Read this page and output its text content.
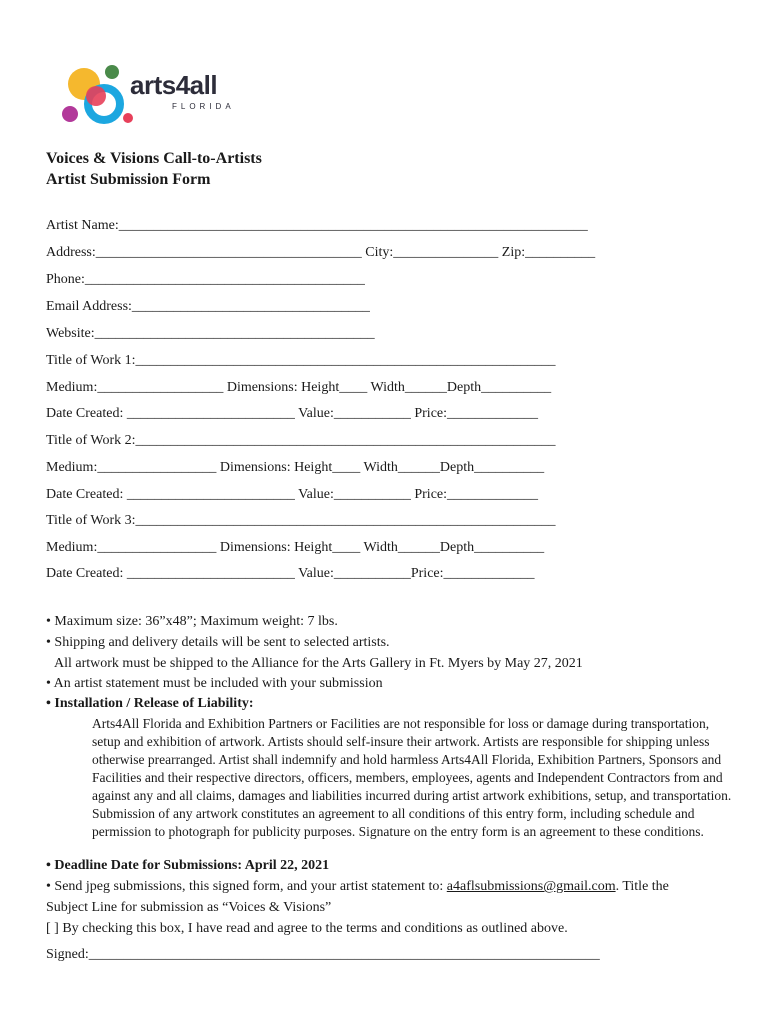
arts4all
FLORIDA

Voices & Visions Call-to-Artists

Artist Submission Form

Artist Name:___________________________________________________________________

Address:______________________________________ City:_______________ Zip:__________

Phone:________________________________________

Email Address:__________________________________

Website:________________________________________

Title of Work 1:____________________________________________________________

Medium:__________________ Dimensions: Height____ Width______Depth__________

Date Created: ________________________ Value:___________ Price:_____________

Title of Work 2:____________________________________________________________

Medium:_________________ Dimensions: Height____ Width______Depth__________

Date Created: ________________________ Value:___________ Price:_____________

Title of Work 3:____________________________________________________________

Medium:_________________ Dimensions: Height____ Width______Depth__________

Date Created: ________________________ Value:___________Price:_____________

• Maximum size: 36”x48”; Maximum weight: 7 lbs.

• Shipping and delivery details will be sent to selected artists.

All artwork must be shipped to the Alliance for the Arts Gallery in Ft. Myers by May 27, 2021

• An artist statement must be included with your submission

• Installation / Release of Liability:

Arts4All Florida and Exhibition Partners or Facilities are not responsible for loss or damage during transportation, setup and exhibition of artwork. Artists should self-insure their artwork. Artists are responsible for shipping unless otherwise prearranged. Artist shall indemnify and hold harmless Arts4All Florida, Exhibition Partners, Sponsors and Facilities and their respective directors, officers, members, employees, agents and Independent Contractors from and against any and all claims, damages and liabilities incurred during artist artwork exhibitions, setup, and transportation. Submission of any artwork constitutes an agreement to all conditions of this entry form, including schedule and permission to photograph for publicity purposes. Signature on the entry form is an agreement to these conditions.

• Deadline Date for Submissions: April 22, 2021

• Send jpeg submissions, this signed form, and your artist statement to: a4aflsubmissions@gmail.com. Title the

Subject Line for submission as “Voices & Visions”

[ ] By checking this box, I have read and agree to the terms and conditions as outlined above.

Signed:_________________________________________________________________________
